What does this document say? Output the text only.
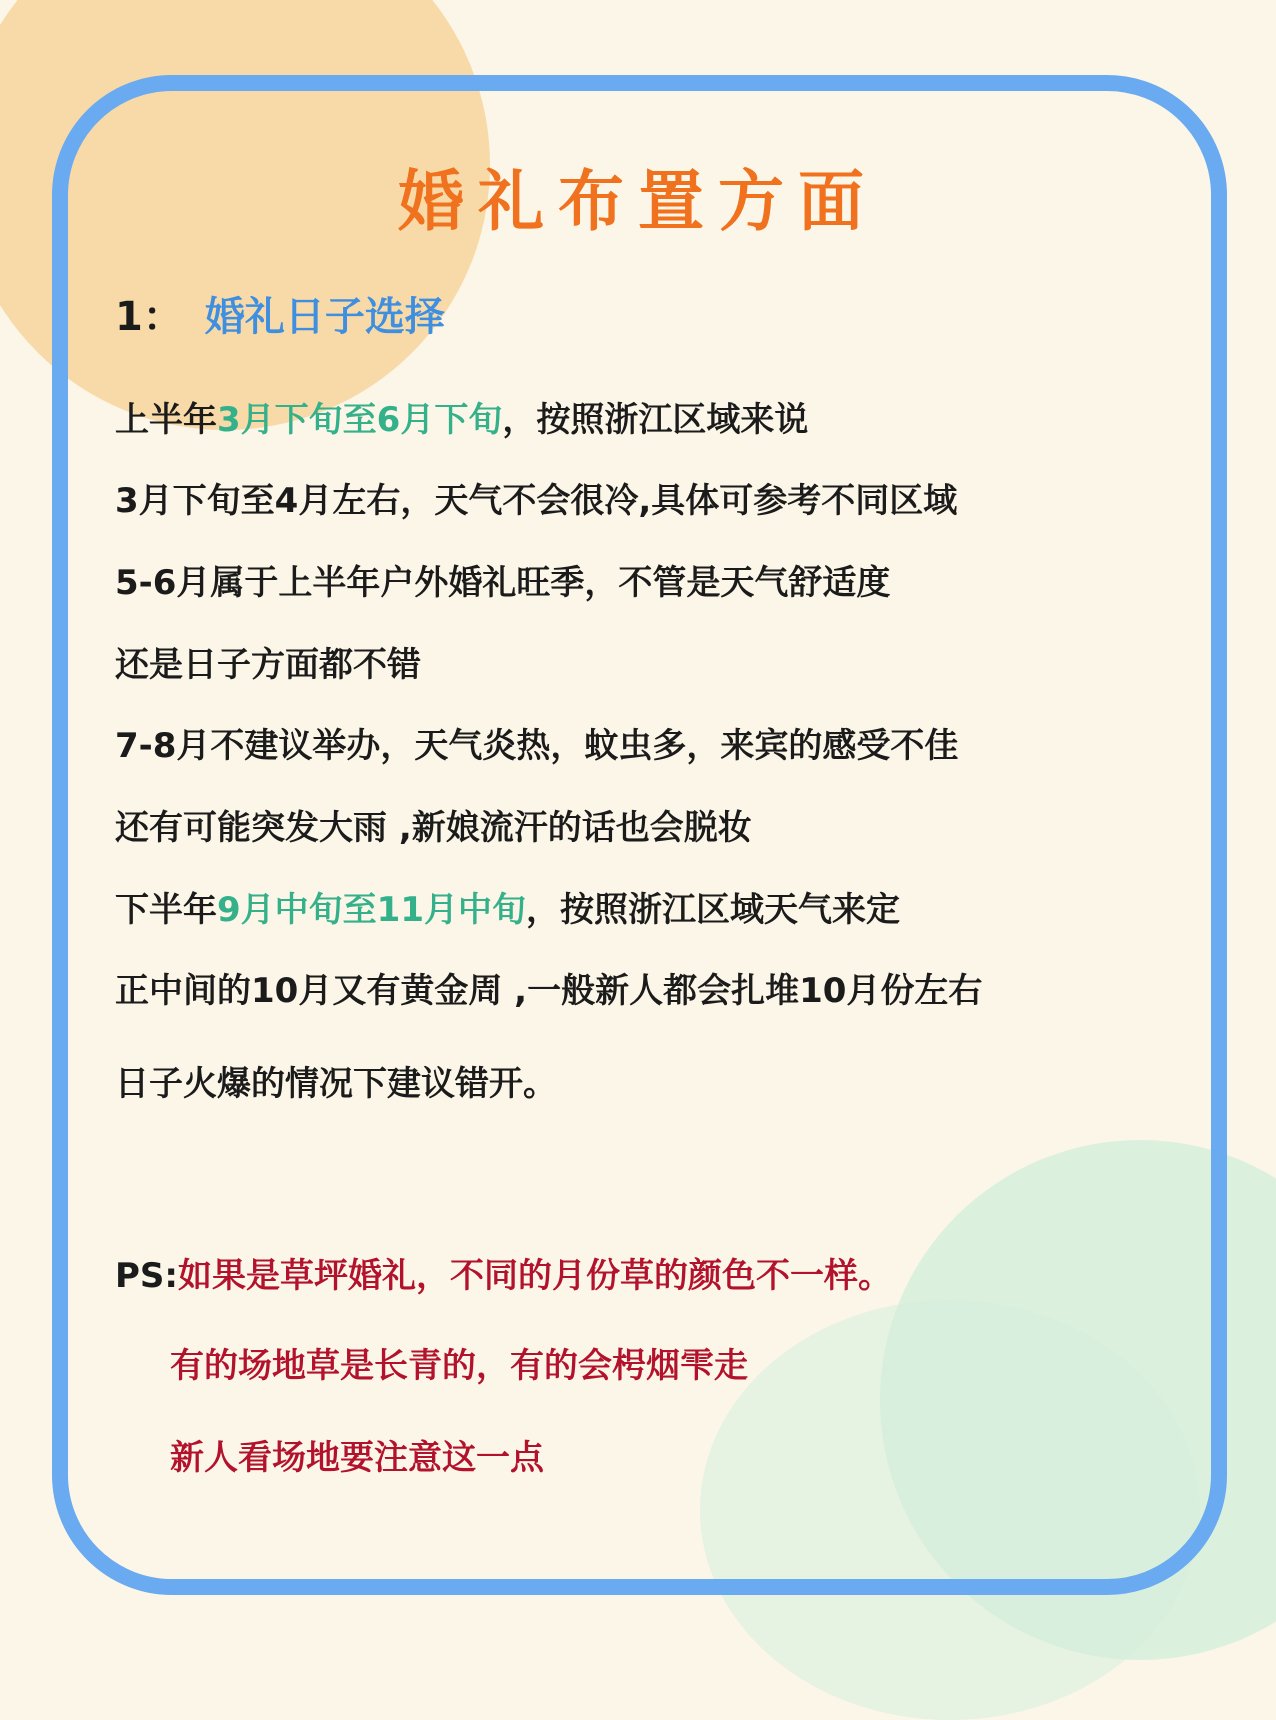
婚礼布置方面
1： 婚礼日子选择
上半年3月下旬至6月下旬，按照浙江区域来说
3月下旬至4月左右，天气不会很冷,具体可参考不同区域
5-6月属于上半年户外婚礼旺季，不管是天气舒适度
还是日子方面都不错
7-8月不建议举办，天气炎热，蚊虫多，来宾的感受不佳
还有可能突发大雨 ,新娘流汗的话也会脱妆
下半年9月中旬至11月中旬，按照浙江区域天气来定
正中间的10月又有黄金周 ,一般新人都会扎堆10月份左右
日子火爆的情况下建议错开。
PS:如果是草坪婚礼，不同的月份草的颜色不一样。
有的场地草是长青的，有的会枵烟雫走
新人看场地要注意这一点
